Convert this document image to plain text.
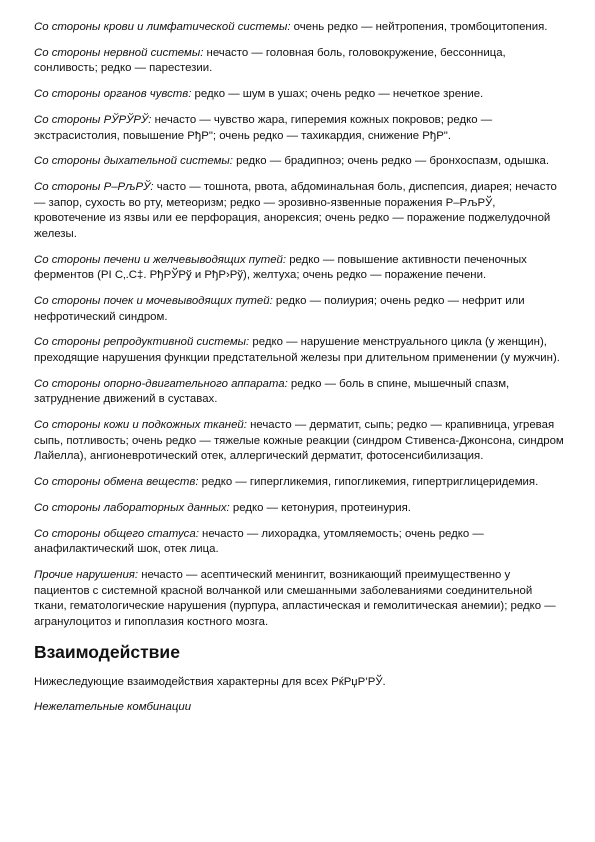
Со стороны крови и лимфатической системы: очень редко — нейтропения, тромбоцитопения.

Со стороны нервной системы: нечасто — головная боль, головокружение, бессонница, сонливость; редко — парестезии.

Со стороны органов чувств: редко — шум в ушах; очень редко — нечеткое зрение.

Со стороны РЎРЎРЎ: нечасто — чувство жара, гиперемия кожных покровов; редко — экстрасистолия, повышение РђР"; очень редко — тахикардия, снижение РђР".

Со стороны дыхательной системы: редко — брадипноэ; очень редко — бронхоспазм, одышка.

Со стороны Р–РљРЎ: часто — тошнота, рвота, абдоминальная боль, диспепсия, диарея; нечасто — запор, сухость во рту, метеоризм; редко — эрозивно-язвенные поражения Р–РљРЎ, кровотечение из язвы или ее перфорация, анорексия; очень редко — поражение поджелудочной железы.

Со стороны печени и желчевыводящих путей: редко — повышение активности печеночных ферментов (РІ С‚.С‡. РђРЎРў и РђР›Рў), желтуха; очень редко — поражение печени.

Со стороны почек и мочевыводящих путей: редко — полиурия; очень редко — нефрит или нефротический синдром.

Со стороны репродуктивной системы: редко — нарушение менструального цикла (у женщин), преходящие нарушения функции предстательной железы при длительном применении (у мужчин).

Со стороны опорно-двигательного аппарата: редко — боль в спине, мышечный спазм, затруднение движений в суставах.

Со стороны кожи и подкожных тканей: нечасто — дерматит, сыпь; редко — крапивница, угревая сыпь, потливость; очень редко — тяжелые кожные реакции (синдром Стивенса-Джонсона, синдром Лайелла), ангионевротический отек, аллергический дерматит, фотосенсибилизация.

Со стороны обмена веществ: редко — гипергликемия, гипогликемия, гипертриглицеридемия.

Со стороны лабораторных данных: редко — кетонурия, протеинурия.

Со стороны общего статуса: нечасто — лихорадка, утомляемость; очень редко — анафилактический шок, отек лица.

Прочие нарушения: нечасто — асептический менингит, возникающий преимущественно у пациентов с системной красной волчанкой или смешанными заболеваниями соединительной ткани, гематологические нарушения (пурпура, апластическая и гемолитическая анемии); редко — агранулоцитоз и гипоплазия костного мозга.

Взаимодействие

Нижеследующие взаимодействия характерны для всех РќРџР’РЎ.

Нежелательные комбинации
